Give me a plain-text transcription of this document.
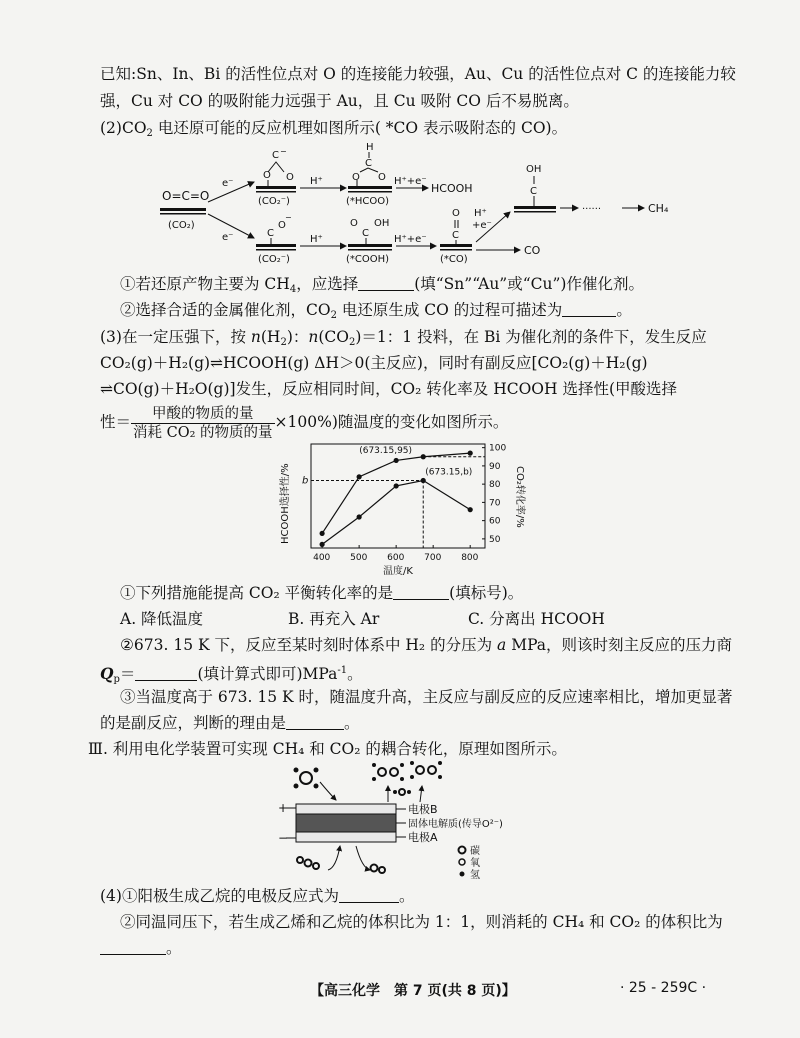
已知:Sn、In、Bi 的活性位点对 O 的连接能力较强，Au、Cu 的活性位点对 C 的连接能力较
强，Cu 对 CO 的吸附能力远强于 Au，且 Cu 吸附 CO 后不易脱离。
$(2)CO_2$ 电还原可能的反应机理如图所示( *CO 表示吸附态的 CO)。
O=C=O
(CO₂)
e⁻
e⁻
O
C
O
−
(CO₂⁻)
H⁺
H
C
O O
(*HCOO)
H⁺+e⁻
HCOOH
C
O
−
(CO₂⁻)
H⁺
C
O OH
(*COOH)
H⁺+e⁻
O
C
(*CO)
H⁺
+e⁻
CO
OH
C
······	CH₄
①若还原产物主要为 $CH_4$，应选择	(填“Sn”“Au”或“Cu”)作催化剂。
②选择合适的金属催化剂，$CO_2$ 电还原生成 CO 的过程可描述为	。
(3)在一定压强下，按 $n(H_2)$：$n(CO_2)=1$：1 投料，在 Bi 为催化剂的条件下，发生反应
CO₂(g)＋H₂(g)⇌HCOOH(g) ΔH＞0(主反应)，同时有副反应[CO₂(g)＋H₂(g)
⇌CO(g)＋H₂O(g)]发生，反应相同时间，CO₂ 转化率及 HCOOH 选择性(甲酸选择
性＝ $\frac{\text{甲酸的物质的量}}{\text{消耗 CO₂ 的物质的量}} \times 100\%$)随温度的变化如图所示。
HCOOH选择性/%	CO₂转化率/%
温度/K
400 500 600 700 800
50
60
70
80
90
100
b
(673.15,95)
(673.15,b)
①下列措施能提高 CO₂ 平衡转化率的是	(填标号)。
A. 降低温度	B. 再充入 Ar	C. 分离出 HCOOH
②673. 15 K 下，反应至某时刻时体系中 H₂ 的分压为 a MPa，则该时刻主反应的压力商
$Q_p=$	(填计算式即可)MPa$^{-1}$。
③当温度高于 673. 15 K 时，随温度升高，主反应与副反应的反应速率相比，增加更显著
的是副反应，判断的理由是	。
Ⅲ. 利用电化学装置可实现 CH₄ 和 CO₂ 的耦合转化，原理如图所示。
+
−
电极B
固体电解质(传导O²⁻)
电极A
碳
氧
氢
(4)①阳极生成乙烷的电极反应式为	。
②同温同压下，若生成乙烯和乙烷的体积比为 1：1，则消耗的 CH₄ 和 CO₂ 的体积比为
。
【高三化学　第 7 页(共 8 页)】	· 25 - 259C ·
